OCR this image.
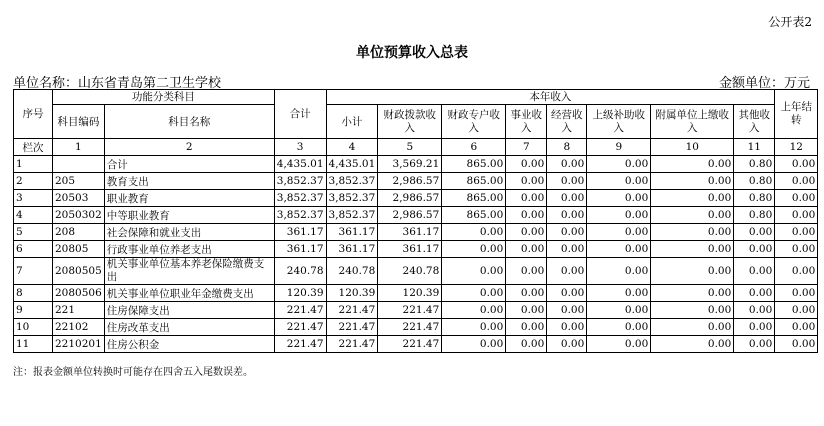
公开表2
单位预算收入总表
单位名称：山东省青岛第二卫生学校	金额单位：万元
序号	功能分类科目		合计	本年收入								上年结转
	科目编码	科目名称		小计	财政拨款收入	财政专户收入	事业收入	经营收入	上级补助收入	附属单位上缴收入	其他收入	
栏次	1	2	3	4	5	6	7	8	9	10	11	12
1		合计	4,435.01	4,435.01	3,569.21	865.00	0.00	0.00	0.00	0.00	0.80	0.00
2	205	教育支出	3,852.37	3,852.37	2,986.57	865.00	0.00	0.00	0.00	0.00	0.80	0.00
3	20503	职业教育	3,852.37	3,852.37	2,986.57	865.00	0.00	0.00	0.00	0.00	0.80	0.00
4	2050302	中等职业教育	3,852.37	3,852.37	2,986.57	865.00	0.00	0.00	0.00	0.00	0.80	0.00
5	208	社会保障和就业支出	361.17	361.17	361.17	0.00	0.00	0.00	0.00	0.00	0.00	0.00
6	20805	行政事业单位养老支出	361.17	361.17	361.17	0.00	0.00	0.00	0.00	0.00	0.00	0.00
7	2080505	机关事业单位基本养老保险缴费支出	240.78	240.78	240.78	0.00	0.00	0.00	0.00	0.00	0.00	0.00
8	2080506	机关事业单位职业年金缴费支出	120.39	120.39	120.39	0.00	0.00	0.00	0.00	0.00	0.00	0.00
9	221	住房保障支出	221.47	221.47	221.47	0.00	0.00	0.00	0.00	0.00	0.00	0.00
10	22102	住房改革支出	221.47	221.47	221.47	0.00	0.00	0.00	0.00	0.00	0.00	0.00
11	2210201	住房公积金	221.47	221.47	221.47	0.00	0.00	0.00	0.00	0.00	0.00	0.00
注：报表金额单位转换时可能存在四舍五入尾数误差。
